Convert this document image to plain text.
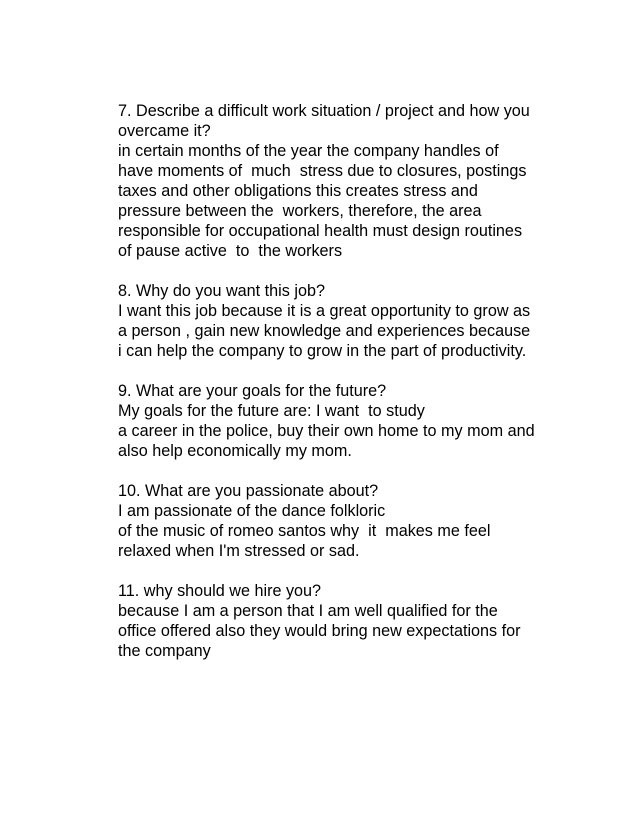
7. Describe a difficult work situation / project and how you
overcame it?
in certain months of the year the company handles of
have moments of  much  stress due to closures, postings
taxes and other obligations this creates stress and
pressure between the  workers, therefore, the area
responsible for occupational health must design routines
of pause active  to  the workers
8. Why do you want this job?
I want this job because it is a great opportunity to grow as
a person , gain new knowledge and experiences because
i can help the company to grow in the part of productivity.
9. What are your goals for the future?
My goals for the future are: I want  to study
a career in the police, buy their own home to my mom and
also help economically my mom.
10. What are you passionate about?
I am passionate of the dance folkloric
of the music of romeo santos why  it  makes me feel
relaxed when I'm stressed or sad.
11. why should we hire you?
because I am a person that I am well qualified for the
office offered also they would bring new expectations for
the company
